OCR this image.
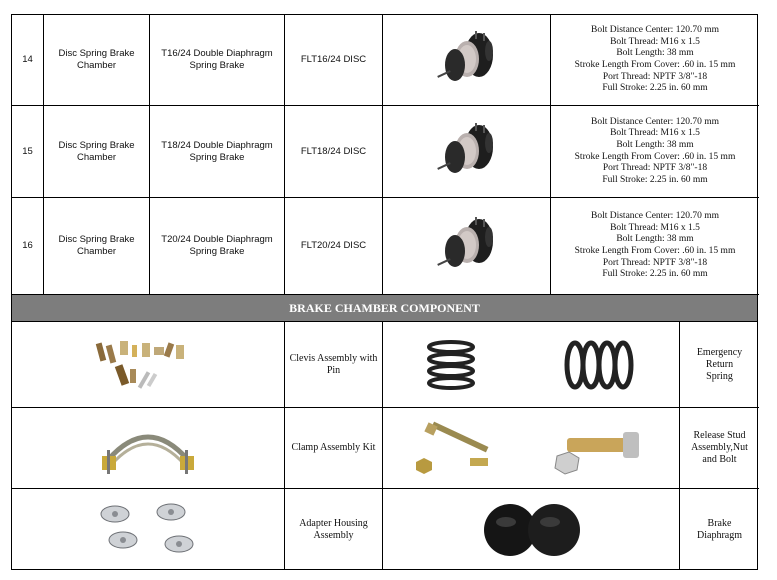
14
Disc Spring Brake
Chamber
T16/24 Double Diaphragm
Spring Brake
FLT16/24 DISC
Bolt Distance Center: 120.70 mm
Bolt Thread: M16 x 1.5
Bolt Length: 38 mm
Stroke Length From Cover: .60 in. 15 mm
Port Thread: NPTF 3/8"-18
Full Stroke: 2.25 in. 60 mm
15
Disc Spring Brake
Chamber
T18/24 Double Diaphragm
Spring Brake
FLT18/24 DISC
Bolt Distance Center: 120.70 mm
Bolt Thread: M16 x 1.5
Bolt Length: 38 mm
Stroke Length From Cover: .60 in. 15 mm
Port Thread: NPTF 3/8"-18
Full Stroke: 2.25 in. 60 mm
16
Disc Spring Brake
Chamber
T20/24 Double Diaphragm
Spring Brake
FLT20/24 DISC
Bolt Distance Center: 120.70 mm
Bolt Thread: M16 x 1.5
Bolt Length: 38 mm
Stroke Length From Cover: .60 in. 15 mm
Port Thread: NPTF 3/8"-18
Full Stroke: 2.25 in. 60 mm
BRAKE CHAMBER COMPONENT
Clevis Assembly with
Pin
Emergency
Return
Spring
Clamp Assembly Kit
Release Stud
Assembly,Nut
and Bolt
Adapter Housing
Assembly
Brake
Diaphragm
